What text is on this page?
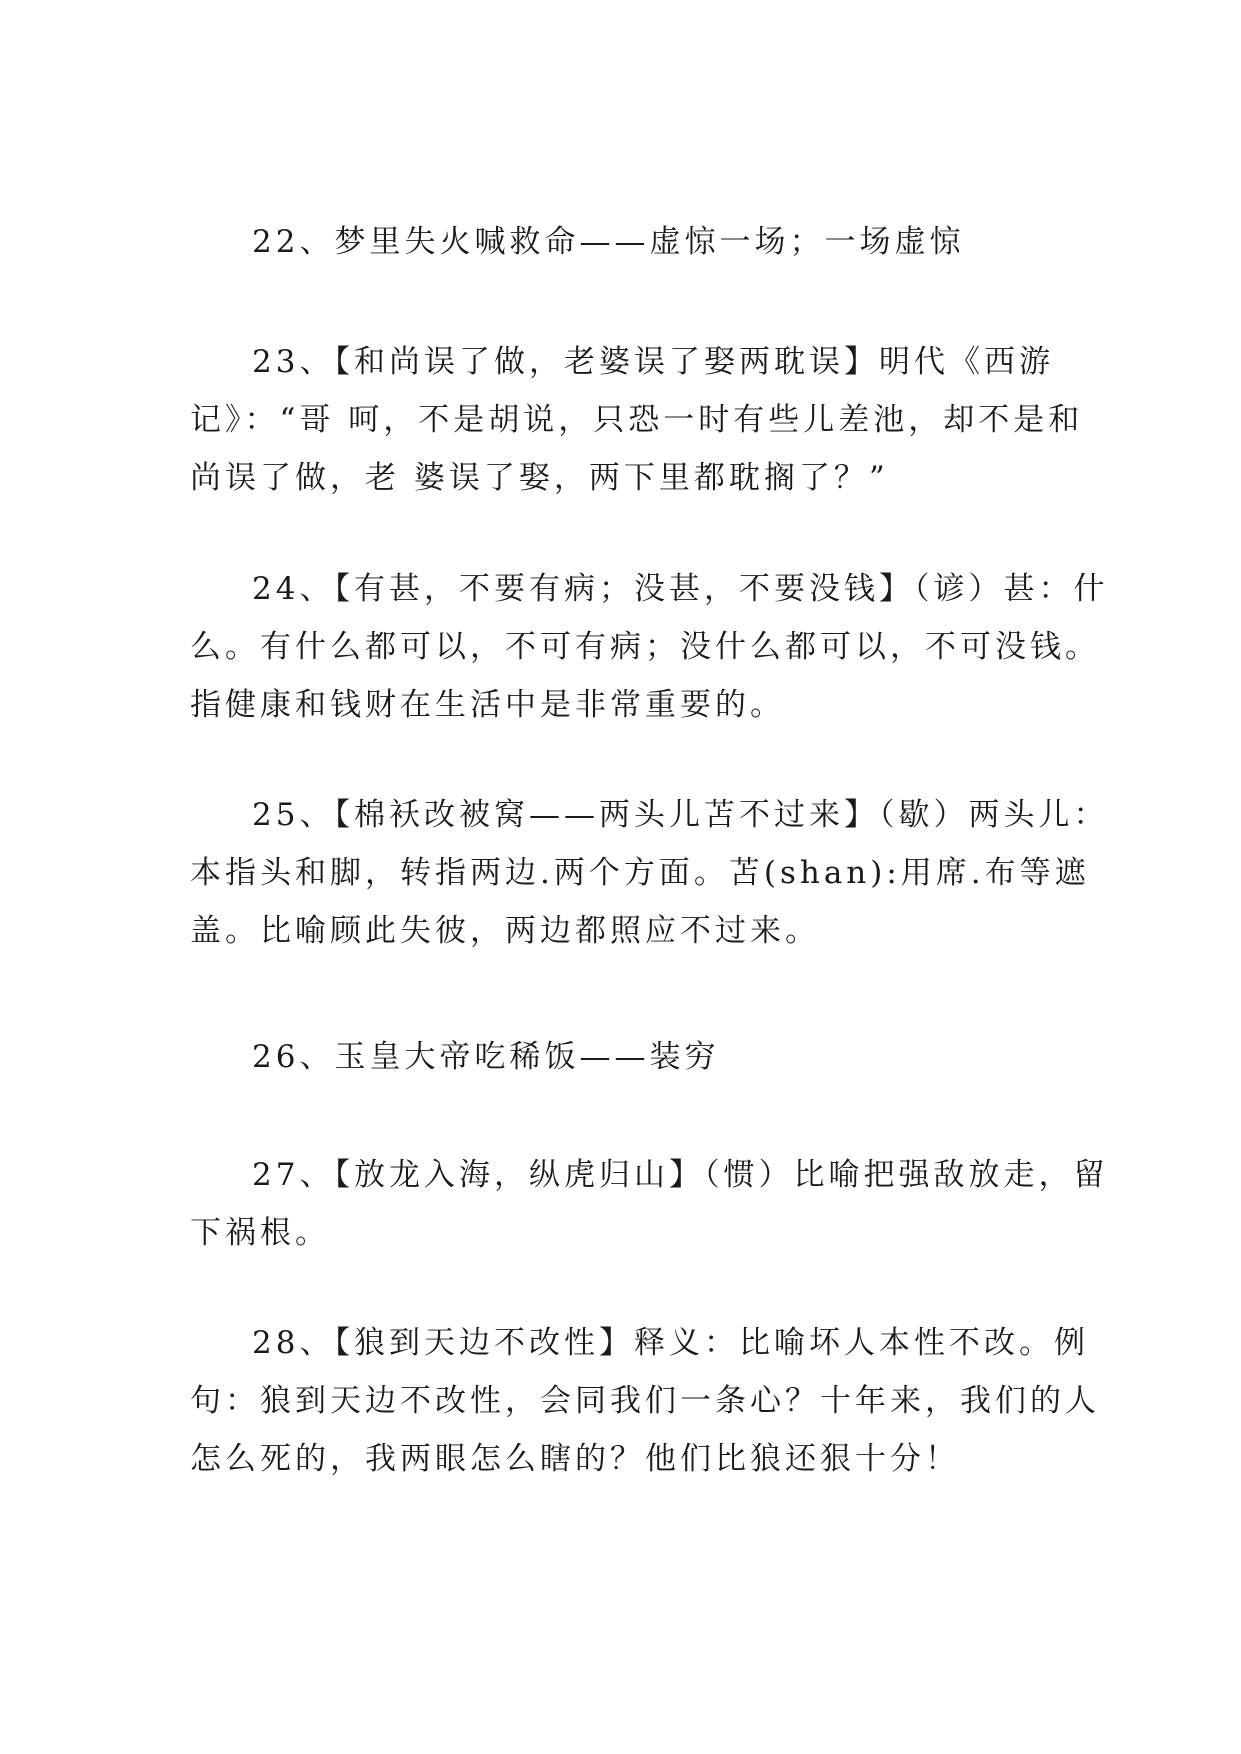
22、梦里失火喊救命——虚惊一场；一场虚惊
23、【和尚误了做，老婆误了娶两耽误】明代《西游
记》：“哥 呵，不是胡说，只恐一时有些儿差池，却不是和
尚误了做，老 婆误了娶，两下里都耽搁了？”
24、【有甚，不要有病；没甚，不要没钱】（谚）甚：什
么。有什么都可以，不可有病；没什么都可以，不可没钱。
指健康和钱财在生活中是非常重要的。
25、【棉袄改被窝——两头儿苫不过来】（歇）两头儿：
本指头和脚，转指两边.两个方面。苫(shan):用席.布等遮
盖。比喻顾此失彼，两边都照应不过来。
26、玉皇大帝吃稀饭——装穷
27、【放龙入海，纵虎归山】（惯）比喻把强敌放走，留
下祸根。
28、【狼到天边不改性】释义：比喻坏人本性不改。例
句：狼到天边不改性，会同我们一条心？十年来，我们的人
怎么死的，我两眼怎么瞎的？他们比狼还狠十分！
